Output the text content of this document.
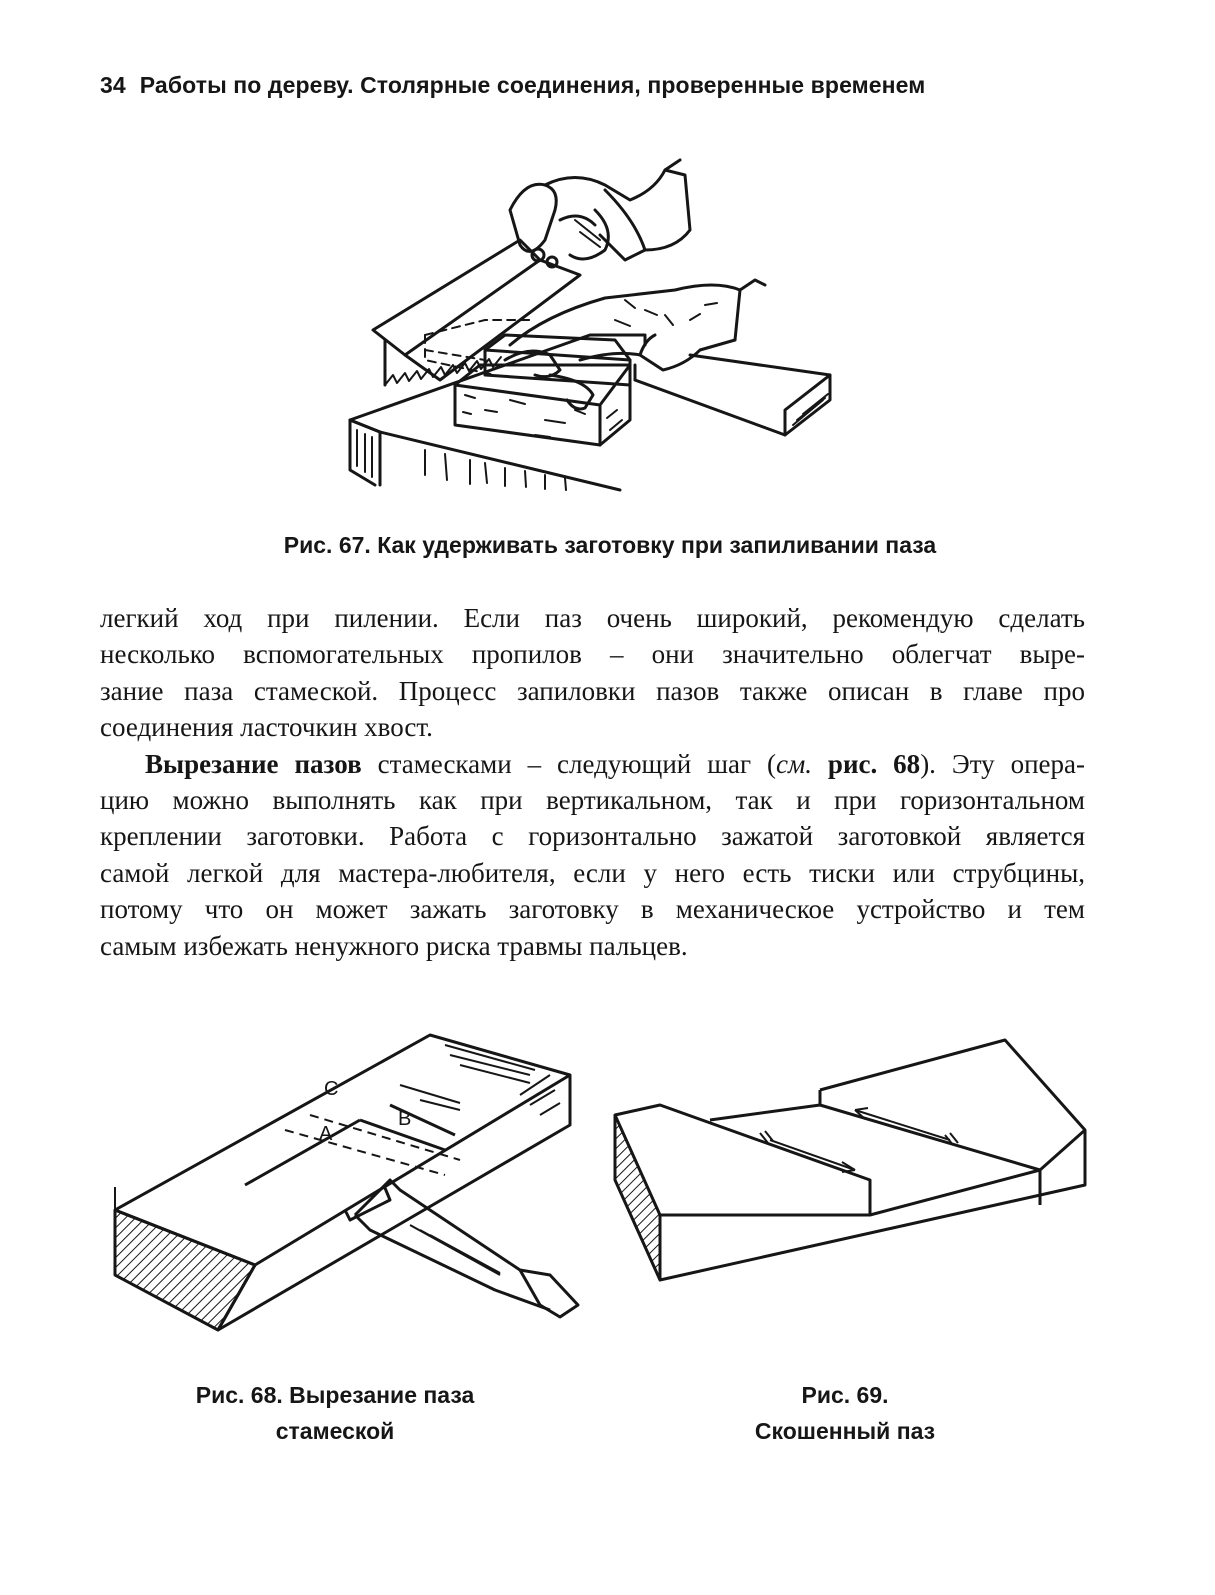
34 Работы по дереву. Столярные соединения, проверенные временем
Рис. 67. Как удерживать заготовку при запиливании паза

легкий ход при пилении. Если паз очень широкий, рекомендую сделать
несколько вспомогательных пропилов – они значительно облегчат выре-
зание паза стамеской. Процесс запиловки пазов также описан в главе про
соединения ласточкин хвост.

Вырезание пазов стамесками – следующий шаг (см. рис. 68). Эту опера-
цию можно выполнять как при вертикальном, так и при горизонтальном
креплении заготовки. Работа с горизонтально зажатой заготовкой является
самой легкой для мастера-любителя, если у него есть тиски или струбцины,
потому что он может зажать заготовку в механическое устройство и тем
самым избежать ненужного риска травмы пальцев.

A
B
C
Рис. 68. Вырезание паза
стамеской
Рис. 69.
Скошенный паз
